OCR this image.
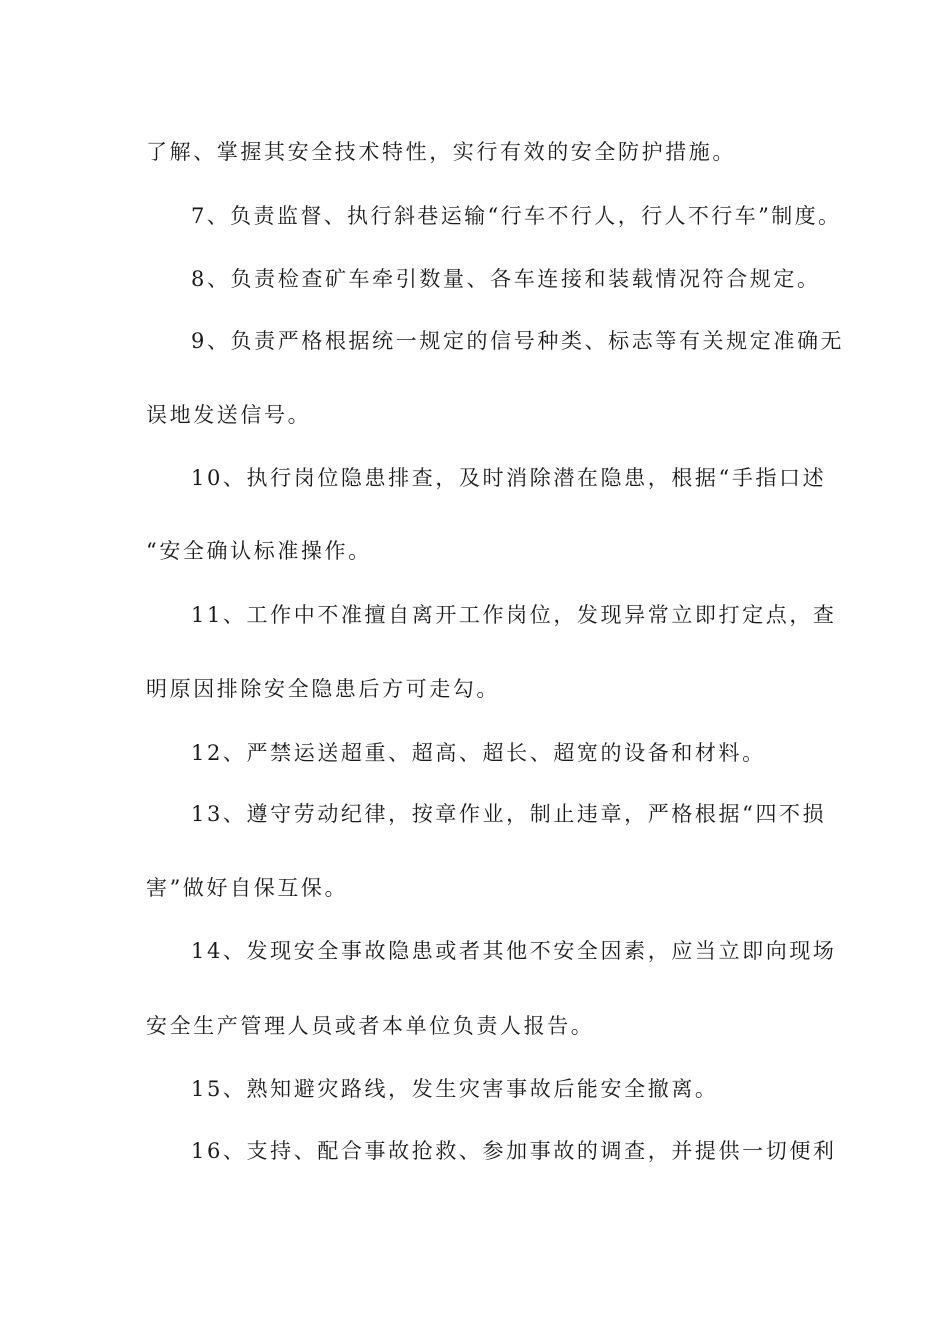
了解、掌握其安全技术特性，实行有效的安全防护措施。
7、负责监督、执行斜巷运输“行车不行人，行人不行车”制度。
8、负责检查矿车牵引数量、各车连接和装载情况符合规定。
9、负责严格根据统一规定的信号种类、标志等有关规定准确无
误地发送信号。
10、执行岗位隐患排查，及时消除潜在隐患，根据“手指口述
“安全确认标准操作。
11、工作中不准擅自离开工作岗位，发现异常立即打定点，查
明原因排除安全隐患后方可走勾。
12、严禁运送超重、超高、超长、超宽的设备和材料。
13、遵守劳动纪律，按章作业，制止违章，严格根据“四不损
害”做好自保互保。
14、发现安全事故隐患或者其他不安全因素，应当立即向现场
安全生产管理人员或者本单位负责人报告。
15、熟知避灾路线，发生灾害事故后能安全撤离。
16、支持、配合事故抢救、参加事故的调查，并提供一切便利
